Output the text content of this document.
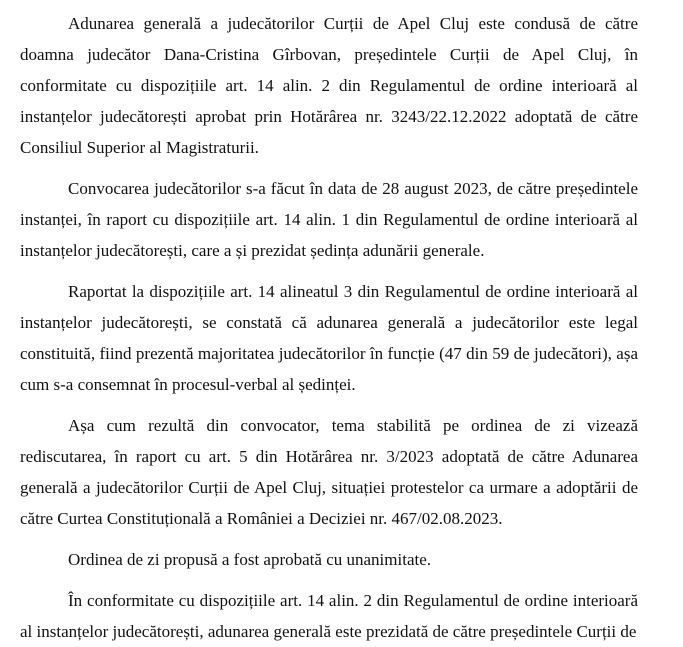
Adunarea generală a judecătorilor Curții de Apel Cluj este condusă de către doamna judecător Dana-Cristina Gîrbovan, președintele Curții de Apel Cluj, în conformitate cu dispozițiile art. 14 alin. 2 din Regulamentul de ordine interioară al instanțelor judecătorești aprobat prin Hotărârea nr. 3243/22.12.2022 adoptată de către Consiliul Superior al Magistraturii.

Convocarea judecătorilor s-a făcut în data de 28 august 2023, de către președintele instanței, în raport cu dispozițiile art. 14 alin. 1 din Regulamentul de ordine interioară al instanțelor judecătorești, care a și prezidat ședința adunării generale.

Raportat la dispozițiile art. 14 alineatul 3 din Regulamentul de ordine interioară al instanțelor judecătorești, se constată că adunarea generală a judecătorilor este legal constituită, fiind prezentă majoritatea judecătorilor în funcție (47 din 59 de judecători), așa cum s-a consemnat în procesul-verbal al ședinței.

Așa cum rezultă din convocator, tema stabilită pe ordinea de zi vizează rediscutarea, în raport cu art. 5 din Hotărârea nr. 3/2023 adoptată de către Adunarea generală a judecătorilor Curții de Apel Cluj, situației protestelor ca urmare a adoptării de către Curtea Constituțională a României a Deciziei nr. 467/02.08.2023.

Ordinea de zi propusă a fost aprobată cu unanimitate.

În conformitate cu dispozițiile art. 14 alin. 2 din Regulamentul de ordine interioară al instanțelor judecătorești, adunarea generală este prezidată de către președintele Curții de
